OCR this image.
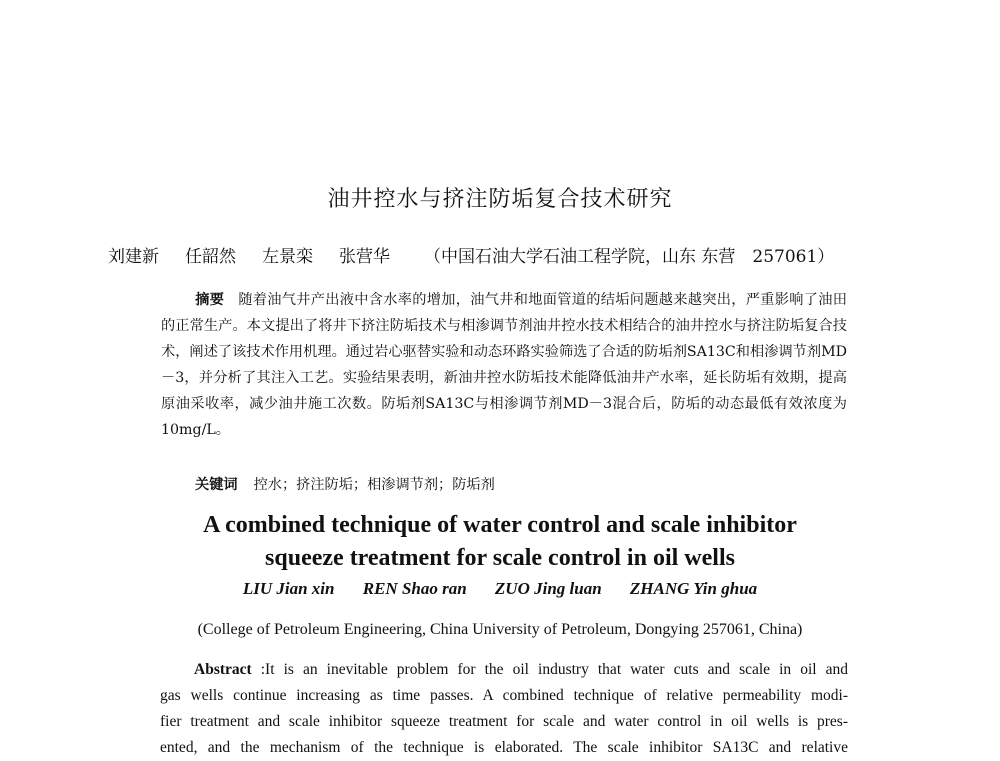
油井控水与挤注防垢复合技术研究
刘建新 任韶然 左景栾 张营华 （中国石油大学石油工程学院，山东 东营　257061）
摘要 随着油气井产出液中含水率的增加，油气井和地面管道的结垢问题越来越突出，严重影响了油田的正常生产。本文提出了将井下挤注防垢技术与相渗调节剂油井控水技术相结合的油井控水与挤注防垢复合技术，阐述了该技术作用机理。通过岩心驱替实验和动态环路实验筛选了合适的防垢剂SA13C和相渗调节剂MD－3，并分析了其注入工艺。实验结果表明，新油井控水防垢技术能降低油井产水率，延长防垢有效期，提高原油采收率，减少油井施工次数。防垢剂SA13C与相渗调节剂MD－3混合后，防垢的动态最低有效浓度为10mg/L。
关键词 控水；挤注防垢；相渗调节剂；防垢剂
A combined technique of water control and scale inhibitor
squeeze treatment for scale control in oil wells
LIU Jian xin REN Shao ran ZUO Jing luan ZHANG Yin ghua
(College of Petroleum Engineering, China University of Petroleum, Dongying 257061, China)
Abstract :It is an inevitable problem for the oil industry that water cuts and scale in oil and
gas wells continue increasing as time passes. A combined technique of relative permeability modi-
fier treatment and scale inhibitor squeeze treatment for scale and water control in oil wells is pres-
ented, and the mechanism of the technique is elaborated. The scale inhibitor SA13C and relative
